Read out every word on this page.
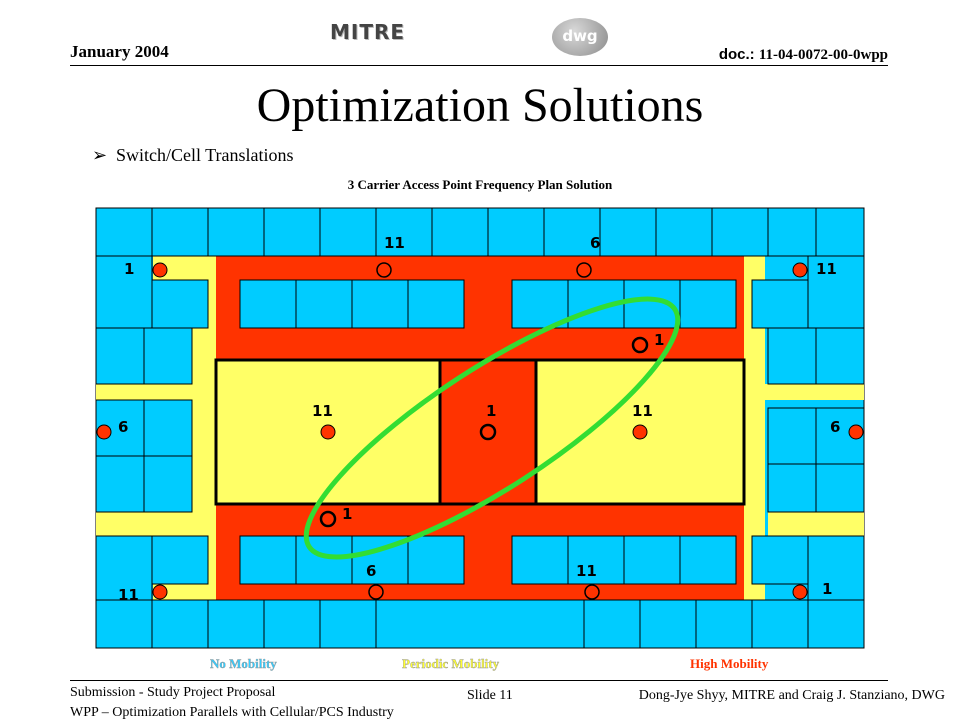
January 2004
MITRE	dwg
doc.: 11-04-0072-00-0wpp
Optimization Solutions
➢ Switch/Cell Translations
3 Carrier Access Point Frequency Plan Solution
1
11	6
11
1
11	1	11
6	6
1
6	11
11	1
No Mobility	Periodic Mobility	High Mobility
Submission - Study Project Proposal
WPP – Optimization Parallels with Cellular/PCS Industry
Slide 11	Dong-Jye Shyy, MITRE and Craig J. Stanziano, DWG
